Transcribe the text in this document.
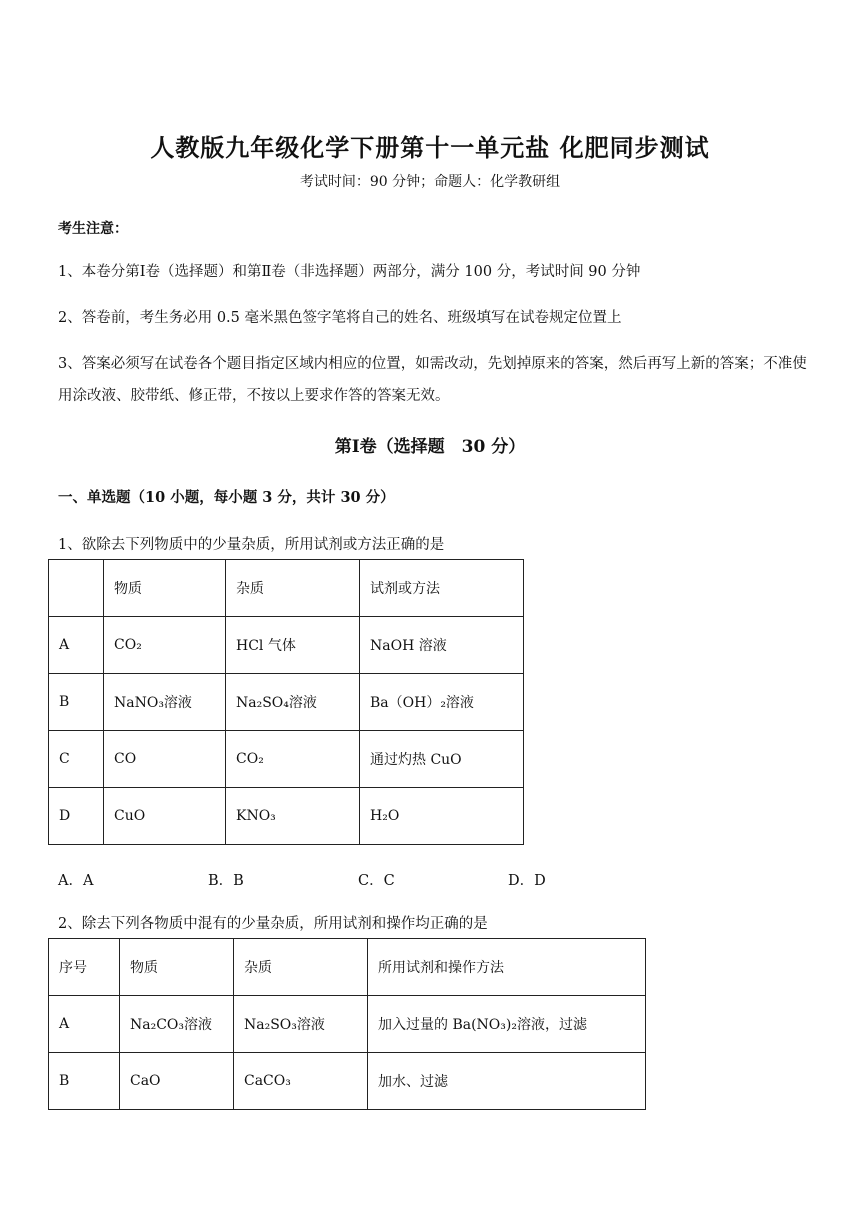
人教版九年级化学下册第十一单元盐 化肥同步测试
考试时间：90 分钟；命题人：化学教研组
考生注意：
1、本卷分第Ⅰ卷（选择题）和第Ⅱ卷（非选择题）两部分，满分 100 分，考试时间 90 分钟
2、答卷前，考生务必用 0.5 毫米黑色签字笔将自己的姓名、班级填写在试卷规定位置上
3、答案必须写在试卷各个题目指定区域内相应的位置，如需改动，先划掉原来的答案，然后再写上新的答案；不准使用涂改液、胶带纸、修正带，不按以上要求作答的答案无效。
第Ⅰ卷（选择题　30 分）
一、单选题（10 小题，每小题 3 分，共计 30 分）
1、欲除去下列物质中的少量杂质，所用试剂或方法正确的是
	物质	杂质	试剂或方法
A	CO₂	HCl 气体	NaOH 溶液
B	NaNO₃溶液	Na₂SO₄溶液	Ba（OH）₂溶液
C	CO	CO₂	通过灼热 CuO
D	CuO	KNO₃	H₂O
A．A	B．B	C．C	D．D
2、除去下列各物质中混有的少量杂质，所用试剂和操作均正确的是
序号	物质	杂质	所用试剂和操作方法
A	Na₂CO₃溶液	Na₂SO₃溶液	加入过量的 Ba(NO₃)₂溶液，过滤
B	CaO	CaCO₃	加水、过滤
